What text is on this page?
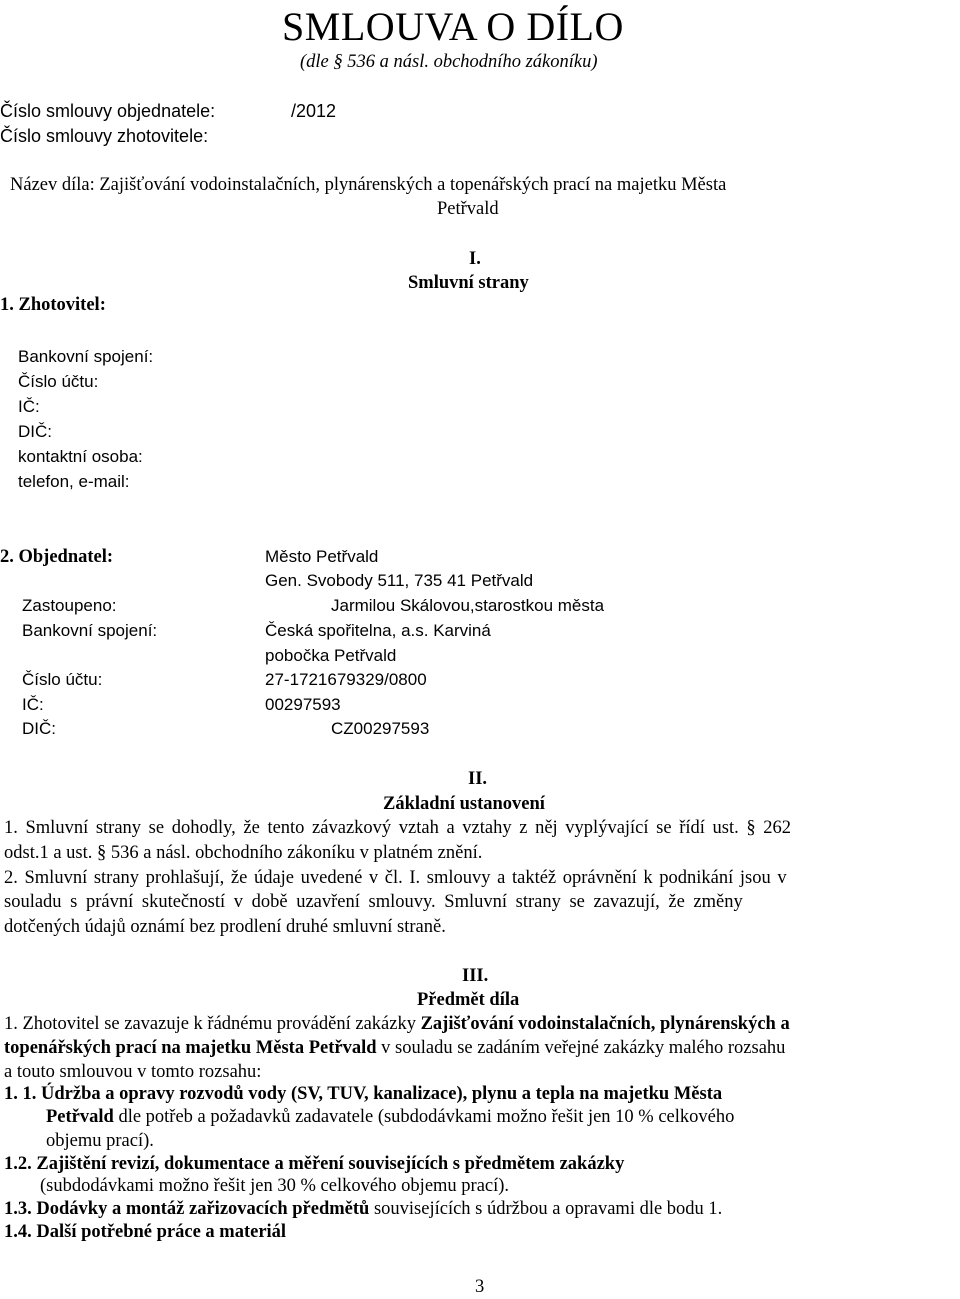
SMLOUVA O DÍLO
(dle § 536 a násl. obchodního zákoníku)
Číslo smlouvy objednatele:	/2012
Číslo smlouvy zhotovitele:
Název díla: Zajišťování vodoinstalačních, plynárenských a topenářských prací na majetku Města
Petřvald
I.
Smluvní strany
1. Zhotovitel:
Bankovní spojení:
Číslo účtu:
IČ:
DIČ:
kontaktní osoba:
telefon, e-mail:
2. Objednatel:	Město Petřvald
Gen. Svobody 511, 735 41 Petřvald
Zastoupeno:	Jarmilou Skálovou,starostkou města
Bankovní spojení:	Česká spořitelna, a.s. Karviná
pobočka Petřvald
Číslo účtu:	27-1721679329/0800
IČ:	00297593
DIČ:	CZ00297593
II.
Základní ustanovení
1. Smluvní strany se dohodly, že tento závazkový vztah a vztahy z něj vyplývající se řídí ust. § 262
odst.1 a ust. § 536 a násl. obchodního zákoníku v platném znění.
2. Smluvní strany prohlašují, že údaje uvedené v čl. I. smlouvy a taktéž oprávnění k podnikání jsou v
souladu s právní skutečností v době uzavření smlouvy. Smluvní strany se zavazují, že změny
dotčených údajů oznámí bez prodlení druhé smluvní straně.
III.
Předmět díla
1. Zhotovitel se zavazuje k řádnému provádění zakázky Zajišťování vodoinstalačních, plynárenských a
topenářských prací na majetku Města Petřvald v souladu se zadáním veřejné zakázky malého rozsahu
a touto smlouvou v tomto rozsahu:
1. 1. Údržba a opravy rozvodů vody (SV, TUV, kanalizace), plynu a tepla na majetku Města
Petřvald dle potřeb a požadavků zadavatele (subdodávkami možno řešit jen 10 % celkového
objemu prací).
1.2. Zajištění revizí, dokumentace a měření souvisejících s předmětem zakázky
(subdodávkami možno řešit jen 30 % celkového objemu prací).
1.3. Dodávky a montáž zařizovacích předmětů souvisejících s údržbou a opravami dle bodu 1.
1.4. Další potřebné práce a materiál
3
